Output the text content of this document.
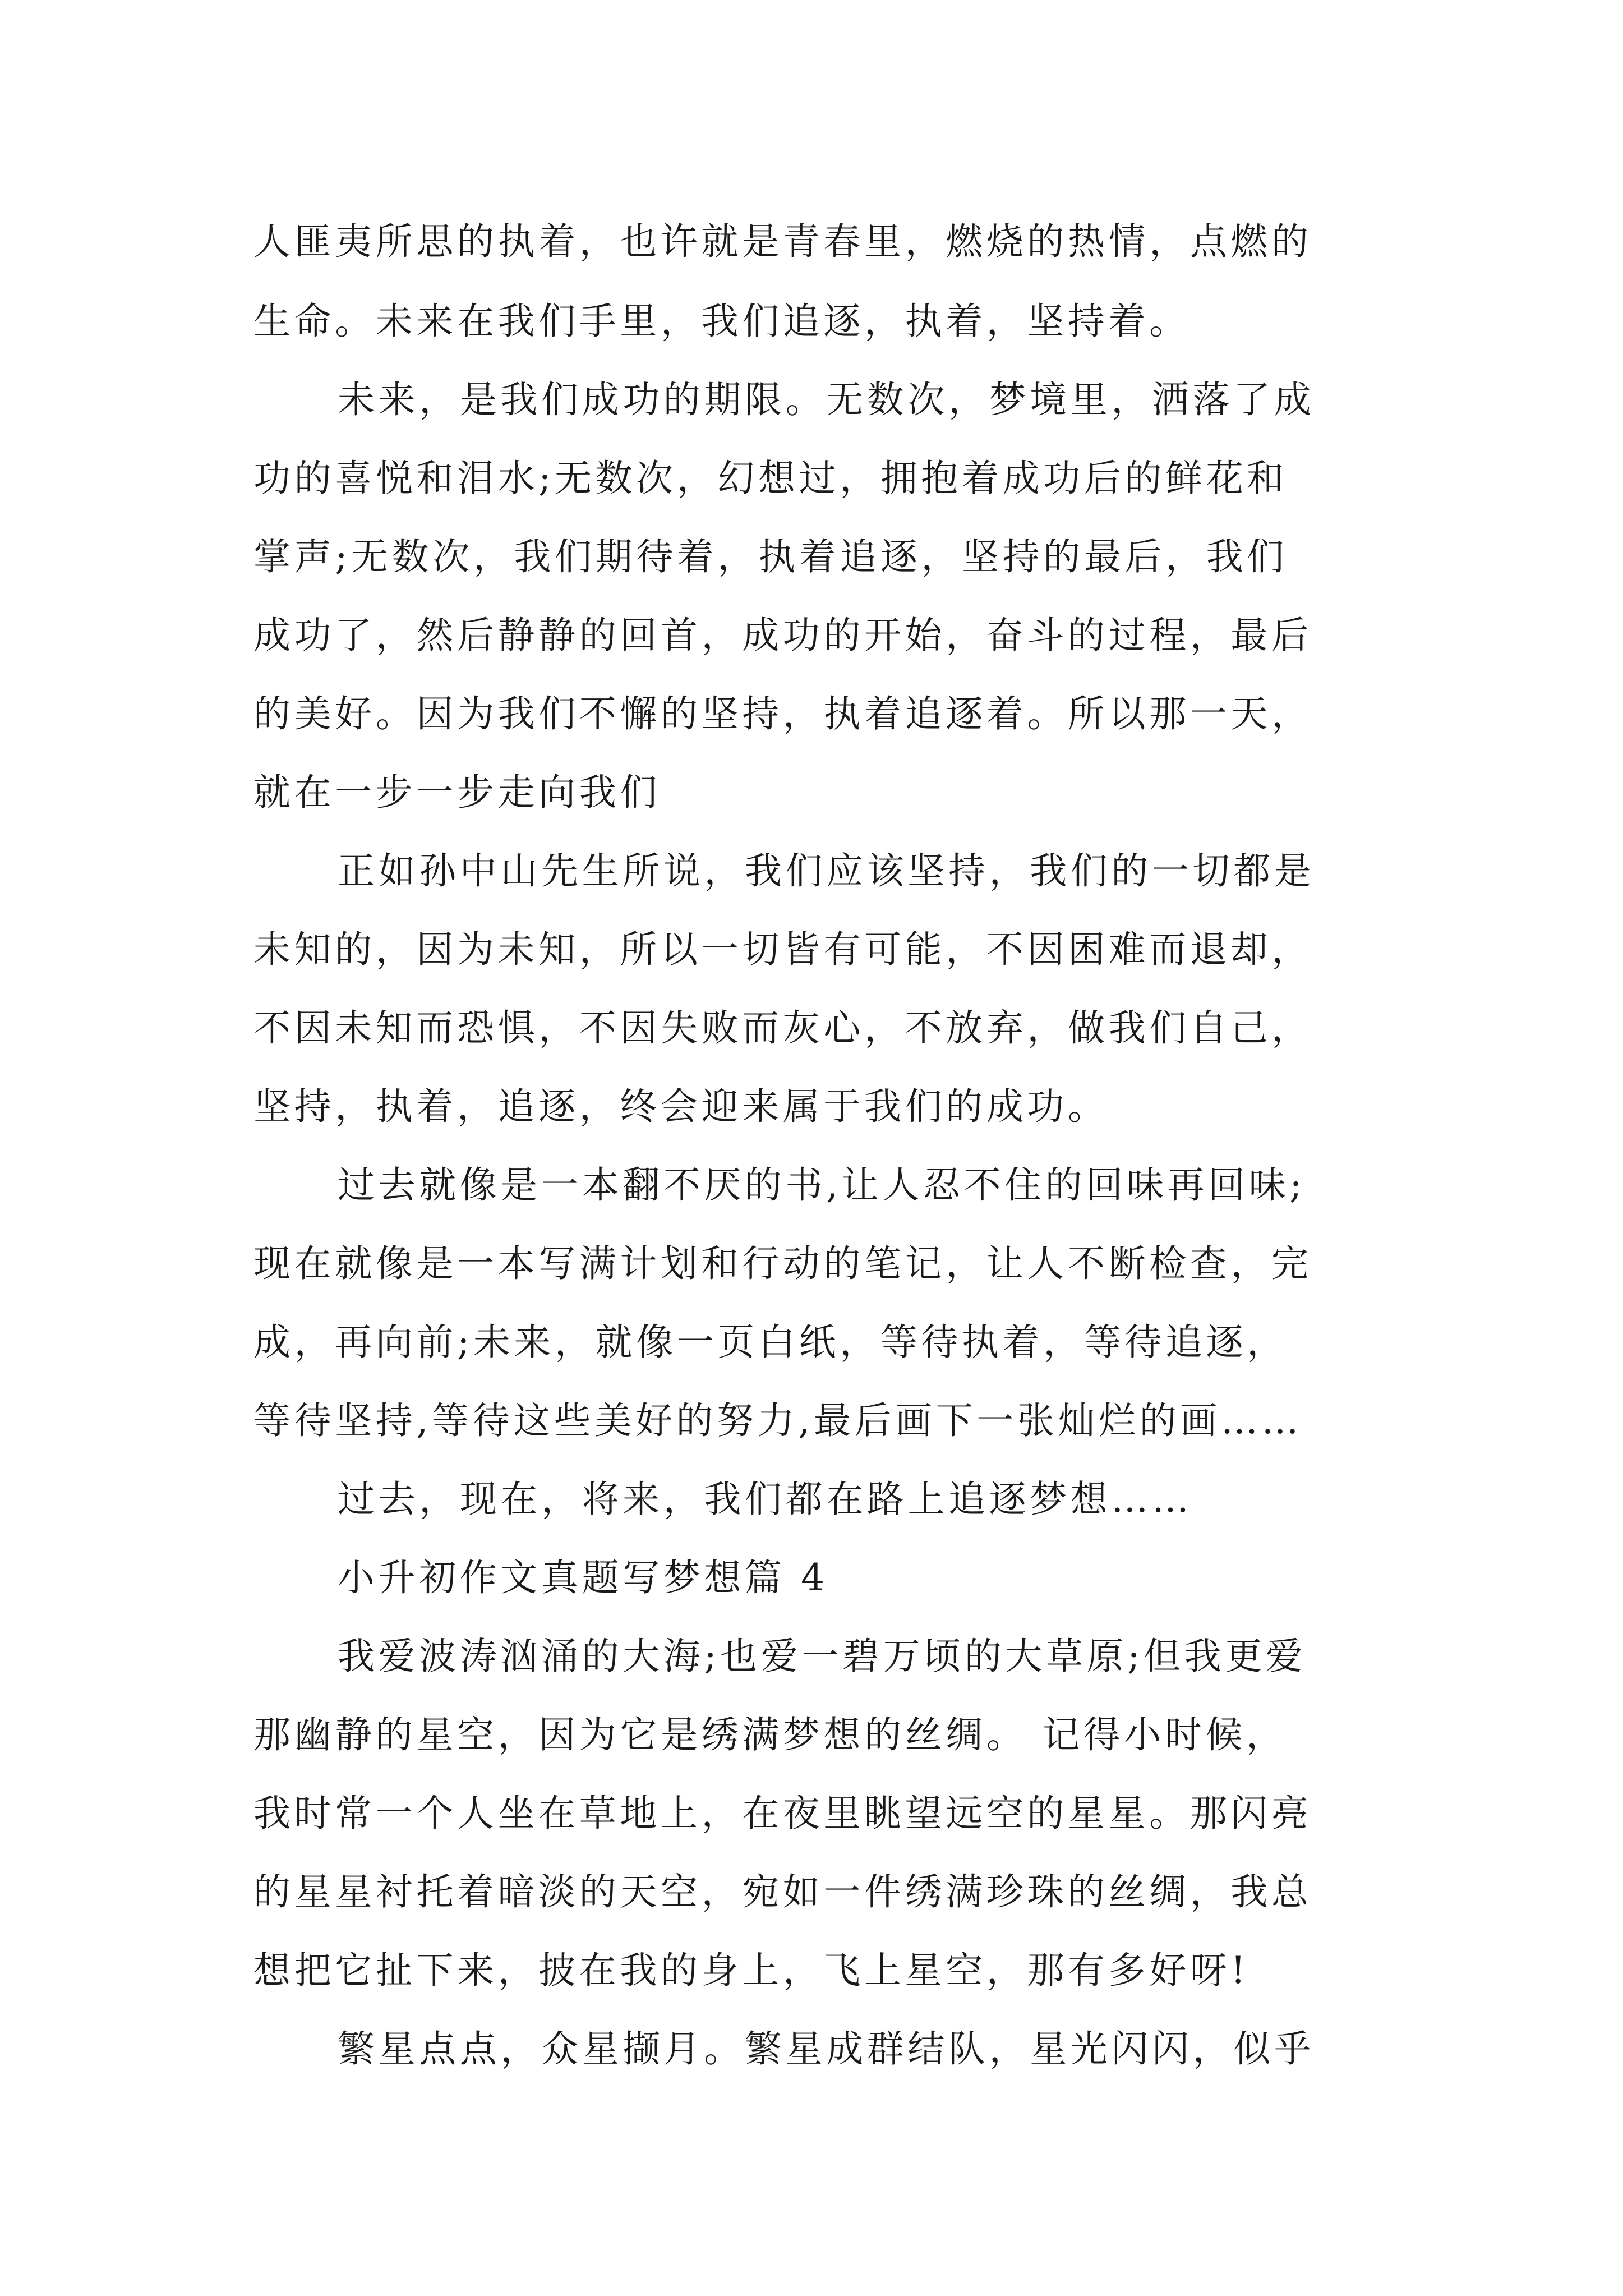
人匪夷所思的执着，也许就是青春里，燃烧的热情，点燃的
生命。未来在我们手里，我们追逐，执着，坚持着。
未来，是我们成功的期限。无数次，梦境里，洒落了成
功的喜悦和泪水;无数次，幻想过，拥抱着成功后的鲜花和
掌声;无数次，我们期待着，执着追逐，坚持的最后，我们
成功了，然后静静的回首，成功的开始，奋斗的过程，最后
的美好。因为我们不懈的坚持，执着追逐着。所以那一天，
就在一步一步走向我们
正如孙中山先生所说，我们应该坚持，我们的一切都是
未知的，因为未知，所以一切皆有可能，不因困难而退却，
不因未知而恐惧，不因失败而灰心，不放弃，做我们自己，
坚持，执着，追逐，终会迎来属于我们的成功。
过去就像是一本翻不厌的书,让人忍不住的回味再回味;
现在就像是一本写满计划和行动的笔记，让人不断检查，完
成，再向前;未来，就像一页白纸，等待执着，等待追逐，
等待坚持,等待这些美好的努力,最后画下一张灿烂的画……
过去，现在，将来，我们都在路上追逐梦想……
小升初作文真题写梦想篇 4
我爱波涛汹涌的大海;也爱一碧万顷的大草原;但我更爱
那幽静的星空，因为它是绣满梦想的丝绸。 记得小时候，
我时常一个人坐在草地上，在夜里眺望远空的星星。那闪亮
的星星衬托着暗淡的天空，宛如一件绣满珍珠的丝绸，我总
想把它扯下来，披在我的身上，飞上星空，那有多好呀!
繁星点点，众星撷月。繁星成群结队，星光闪闪，似乎
